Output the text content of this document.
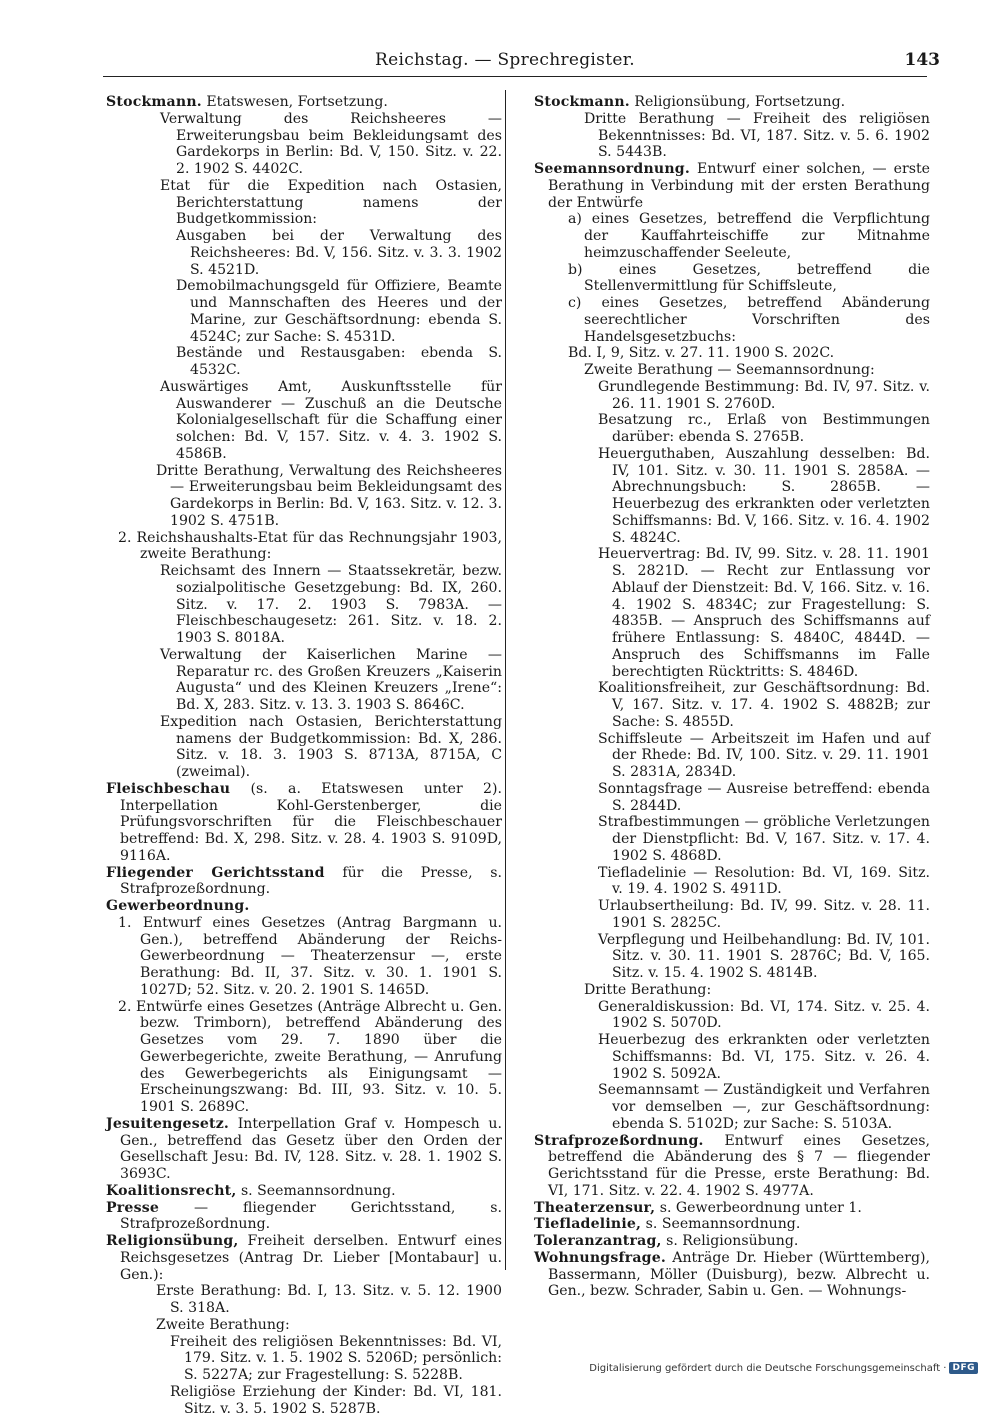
Reichstag. — Sprechregister.	143

Stockmann. Etatswesen, Fortsetzung.

Verwaltung des Reichsheeres — Erweiterungsbau beim Bekleidungsamt des Gardekorps in Berlin: Bd. V, 150. Sitz. v. 22. 2. 1902 S. 4402C.

Etat für die Expedition nach Ostasien, Berichterstattung namens der Budgetkommission:

Ausgaben bei der Verwaltung des Reichsheeres: Bd. V, 156. Sitz. v. 3. 3. 1902 S. 4521D.

Demobilmachungsgeld für Offiziere, Beamte und Mannschaften des Heeres und der Marine, zur Geschäftsordnung: ebenda S. 4524C; zur Sache: S. 4531D.

Bestände und Restausgaben: ebenda S. 4532C.

Auswärtiges Amt, Auskunftsstelle für Auswanderer — Zuschuß an die Deutsche Kolonialgesellschaft für die Schaffung einer solchen: Bd. V, 157. Sitz. v. 4. 3. 1902 S. 4586B.

Dritte Berathung, Verwaltung des Reichsheeres — Erweiterungsbau beim Bekleidungsamt des Gardekorps in Berlin: Bd. V, 163. Sitz. v. 12. 3. 1902 S. 4751B.

2. Reichshaushalts-Etat für das Rechnungsjahr 1903, zweite Berathung:

Reichsamt des Innern — Staatssekretär, bezw. sozialpolitische Gesetzgebung: Bd. IX, 260. Sitz. v. 17. 2. 1903 S. 7983A. — Fleischbeschaugesetz: 261. Sitz. v. 18. 2. 1903 S. 8018A.

Verwaltung der Kaiserlichen Marine — Reparatur rc. des Großen Kreuzers „Kaiserin Augusta“ und des Kleinen Kreuzers „Irene“: Bd. X, 283. Sitz. v. 13. 3. 1903 S. 8646C.

Expedition nach Ostasien, Berichterstattung namens der Budgetkommission: Bd. X, 286. Sitz. v. 18. 3. 1903 S. 8713A, 8715A, C (zweimal).

Fleischbeschau (s. a. Etatswesen unter 2). Interpellation Kohl-Gerstenberger, die Prüfungsvorschriften für die Fleischbeschauer betreffend: Bd. X, 298. Sitz. v. 28. 4. 1903 S. 9109D, 9116A.

Fliegender Gerichtsstand für die Presse, s. Strafprozeßordnung.

Gewerbeordnung.

1. Entwurf eines Gesetzes (Antrag Bargmann u. Gen.), betreffend Abänderung der Reichs-Gewerbeordnung — Theaterzensur —, erste Berathung: Bd. II, 37. Sitz. v. 30. 1. 1901 S. 1027D; 52. Sitz. v. 20. 2. 1901 S. 1465D.

2. Entwürfe eines Gesetzes (Anträge Albrecht u. Gen. bezw. Trimborn), betreffend Abänderung des Gesetzes vom 29. 7. 1890 über die Gewerbegerichte, zweite Berathung, — Anrufung des Gewerbegerichts als Einigungsamt — Erscheinungszwang: Bd. III, 93. Sitz. v. 10. 5. 1901 S. 2689C.

Jesuitengesetz. Interpellation Graf v. Hompesch u. Gen., betreffend das Gesetz über den Orden der Gesellschaft Jesu: Bd. IV, 128. Sitz. v. 28. 1. 1902 S. 3693C.

Koalitionsrecht, s. Seemannsordnung.

Presse — fliegender Gerichtsstand, s. Strafprozeßordnung.

Religionsübung, Freiheit derselben. Entwurf eines Reichsgesetzes (Antrag Dr. Lieber [Montabaur] u. Gen.):

Erste Berathung: Bd. I, 13. Sitz. v. 5. 12. 1900 S. 318A.

Zweite Berathung:

Freiheit des religiösen Bekenntnisses: Bd. VI, 179. Sitz. v. 1. 5. 1902 S. 5206D; persönlich: S. 5227A; zur Fragestellung: S. 5228B.

Religiöse Erziehung der Kinder: Bd. VI, 181. Sitz. v. 3. 5. 1902 S. 5287B.

Stockmann. Religionsübung, Fortsetzung.

Dritte Berathung — Freiheit des religiösen Bekenntnisses: Bd. VI, 187. Sitz. v. 5. 6. 1902 S. 5443B.

Seemannsordnung. Entwurf einer solchen, — erste Berathung in Verbindung mit der ersten Berathung der Entwürfe

a) eines Gesetzes, betreffend die Verpflichtung der Kauffahrteischiffe zur Mitnahme heimzuschaffender Seeleute,

b) eines Gesetzes, betreffend die Stellenvermittlung für Schiffsleute,

c) eines Gesetzes, betreffend Abänderung seerechtlicher Vorschriften des Handelsgesetzbuchs:

Bd. I, 9, Sitz. v. 27. 11. 1900 S. 202C.

Zweite Berathung — Seemannsordnung:

Grundlegende Bestimmung: Bd. IV, 97. Sitz. v. 26. 11. 1901 S. 2760D.

Besatzung rc., Erlaß von Bestimmungen darüber: ebenda S. 2765B.

Heuerguthaben, Auszahlung desselben: Bd. IV, 101. Sitz. v. 30. 11. 1901 S. 2858A. — Abrechnungsbuch: S. 2865B. — Heuerbezug des erkrankten oder verletzten Schiffsmanns: Bd. V, 166. Sitz. v. 16. 4. 1902 S. 4824C.

Heuervertrag: Bd. IV, 99. Sitz. v. 28. 11. 1901 S. 2821D. — Recht zur Entlassung vor Ablauf der Dienstzeit: Bd. V, 166. Sitz. v. 16. 4. 1902 S. 4834C; zur Fragestellung: S. 4835B. — Anspruch des Schiffsmanns auf frühere Entlassung: S. 4840C, 4844D. — Anspruch des Schiffsmanns im Falle berechtigten Rücktritts: S. 4846D.

Koalitionsfreiheit, zur Geschäftsordnung: Bd. V, 167. Sitz. v. 17. 4. 1902 S. 4882B; zur Sache: S. 4855D.

Schiffsleute — Arbeitszeit im Hafen und auf der Rhede: Bd. IV, 100. Sitz. v. 29. 11. 1901 S. 2831A, 2834D.

Sonntagsfrage — Ausreise betreffend: ebenda S. 2844D.

Strafbestimmungen — gröbliche Verletzungen der Dienstpflicht: Bd. V, 167. Sitz. v. 17. 4. 1902 S. 4868D.

Tiefladelinie — Resolution: Bd. VI, 169. Sitz. v. 19. 4. 1902 S. 4911D.

Urlaubsertheilung: Bd. IV, 99. Sitz. v. 28. 11. 1901 S. 2825C.

Verpflegung und Heilbehandlung: Bd. IV, 101. Sitz. v. 30. 11. 1901 S. 2876C; Bd. V, 165. Sitz. v. 15. 4. 1902 S. 4814B.

Dritte Berathung:

Generaldiskussion: Bd. VI, 174. Sitz. v. 25. 4. 1902 S. 5070D.

Heuerbezug des erkrankten oder verletzten Schiffsmanns: Bd. VI, 175. Sitz. v. 26. 4. 1902 S. 5092A.

Seemannsamt — Zuständigkeit und Verfahren vor demselben —, zur Geschäftsordnung: ebenda S. 5102D; zur Sache: S. 5103A.

Strafprozeßordnung. Entwurf eines Gesetzes, betreffend die Abänderung des § 7 — fliegender Gerichtsstand für die Presse, erste Berathung: Bd. VI, 171. Sitz. v. 22. 4. 1902 S. 4977A.

Theaterzensur, s. Gewerbeordnung unter 1.

Tiefladelinie, s. Seemannsordnung.

Toleranzantrag, s. Religionsübung.

Wohnungsfrage. Anträge Dr. Hieber (Württemberg), Bassermann, Möller (Duisburg), bezw. Albrecht u. Gen., bezw. Schrader, Sabin u. Gen. — Wohnungs-

Digitalisierung gefördert durch die Deutsche Forschungsgemeinschaft · DFG
